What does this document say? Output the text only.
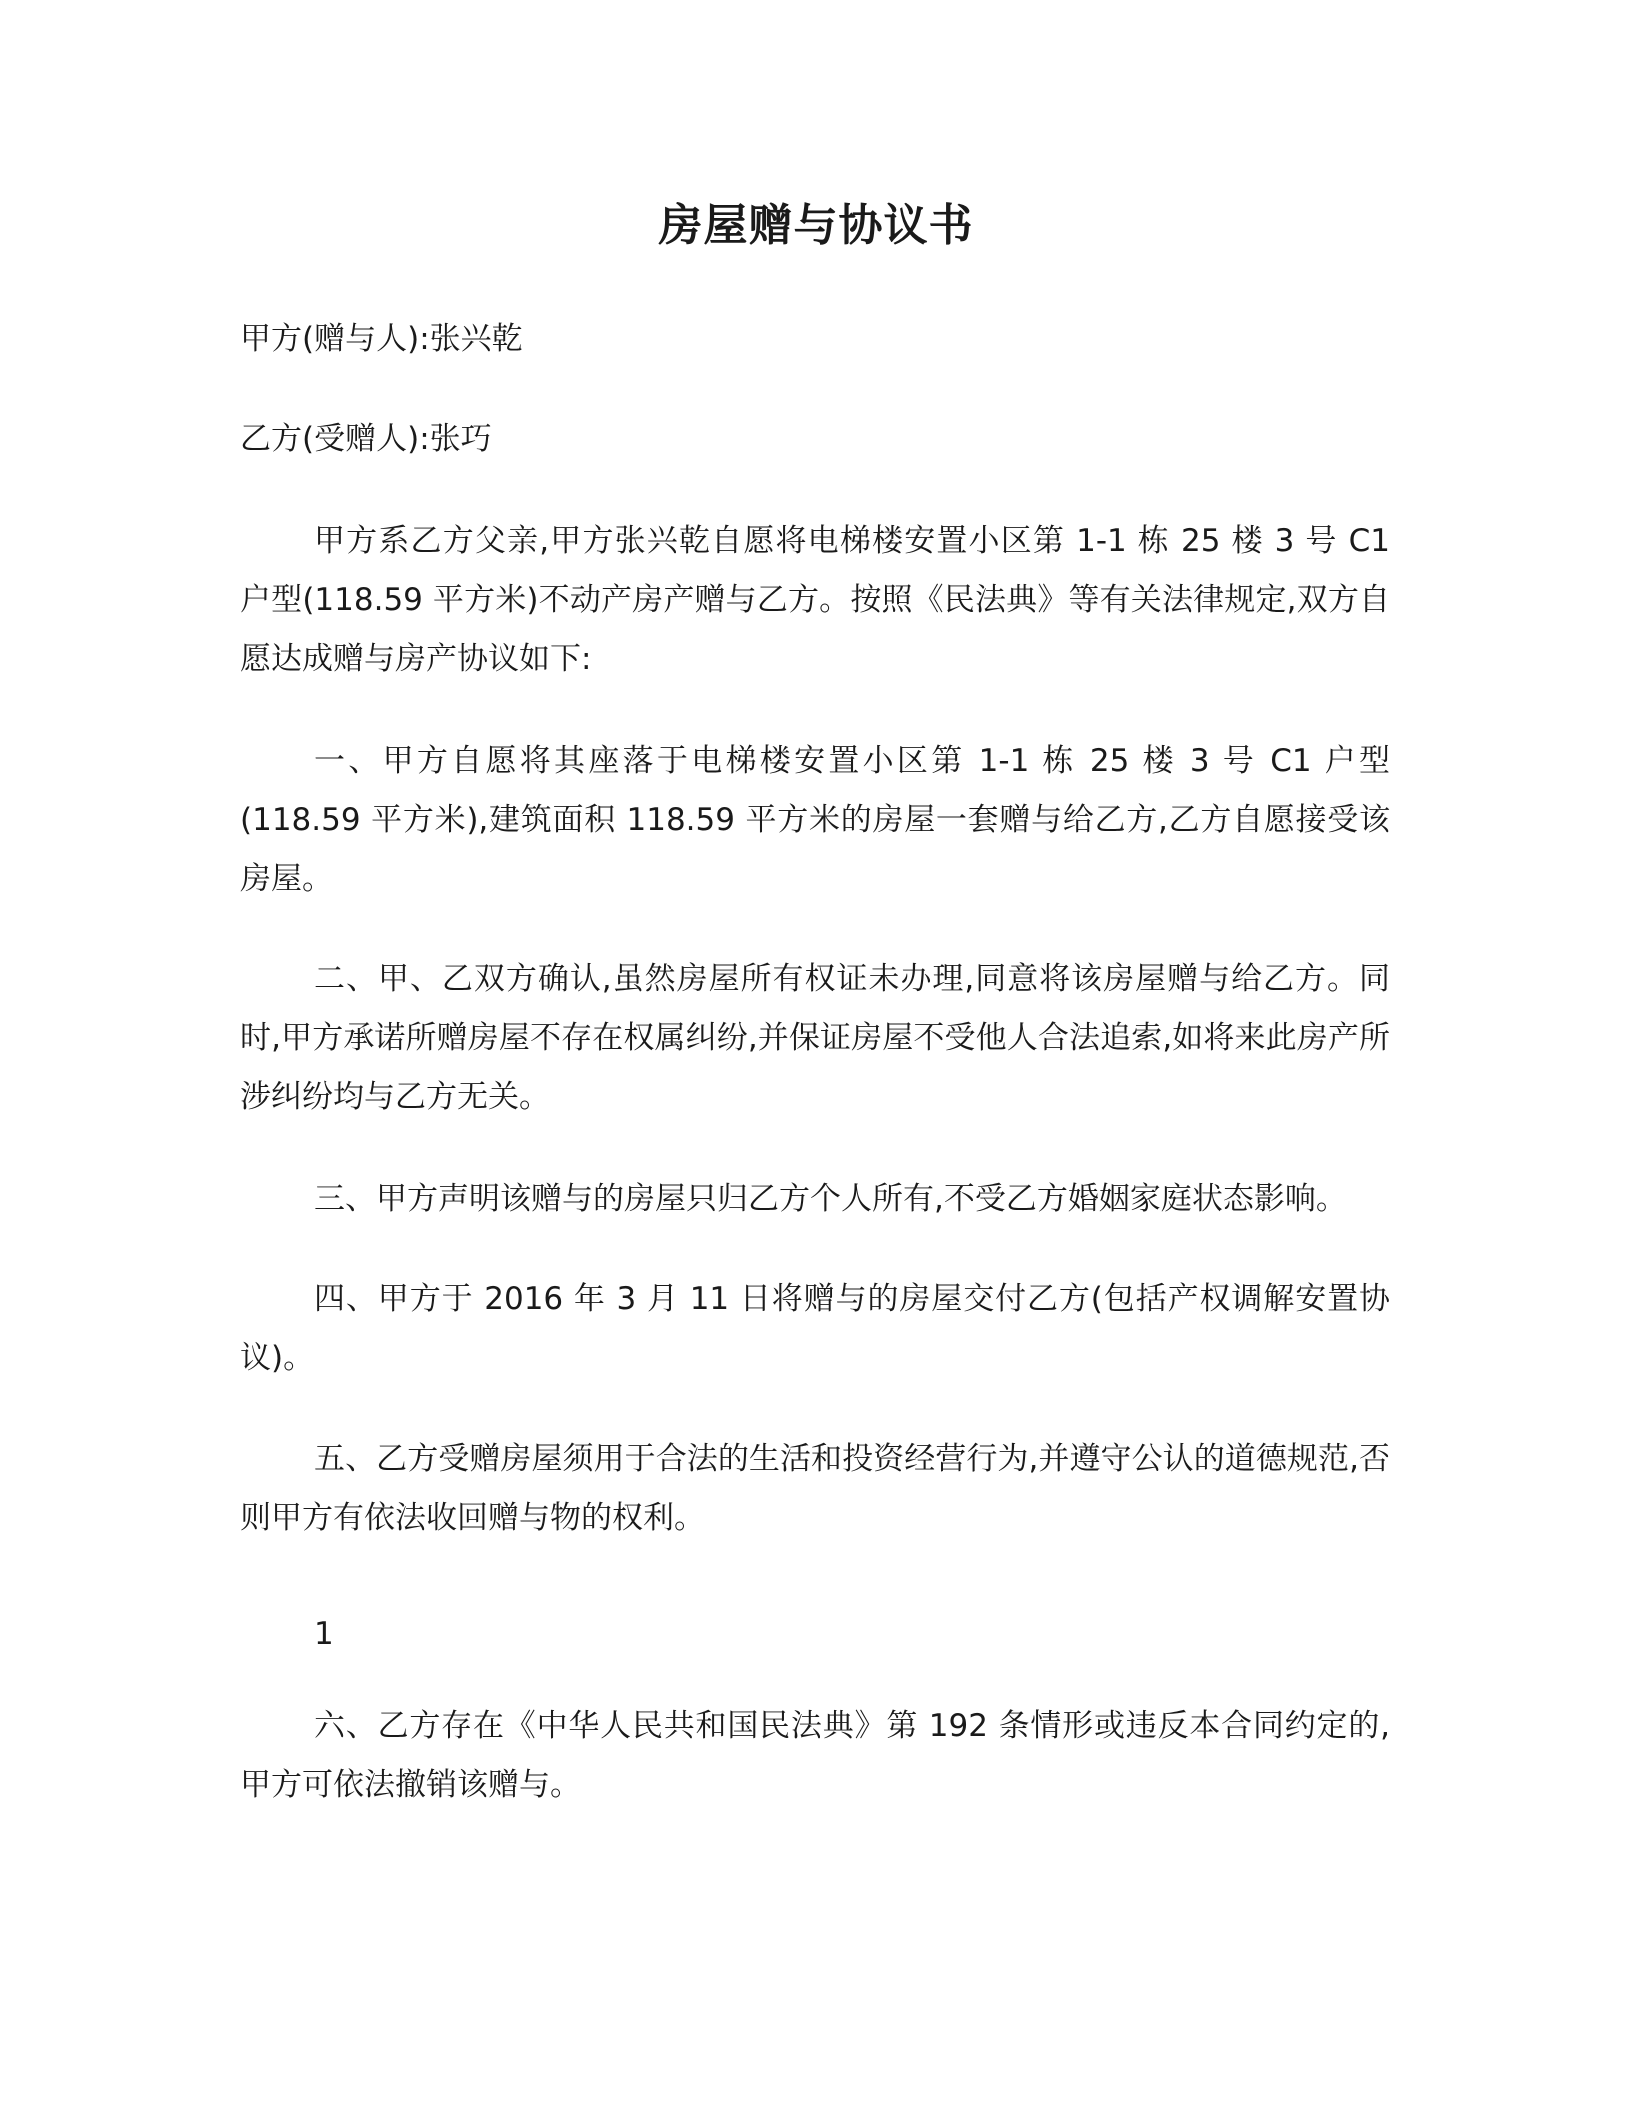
房屋赠与协议书
甲方(赠与人):张兴乾
乙方(受赠人):张巧
甲方系乙方父亲,甲方张兴乾自愿将电梯楼安置小区第 1-1 栋 25 楼 3 号 C1 户型(118.59 平方米)不动产房产赠与乙方。按照《民法典》等有关法律规定,双方自愿达成赠与房产协议如下:
一、甲方自愿将其座落于电梯楼安置小区第 1-1 栋 25 楼 3 号 C1 户型(118.59 平方米),建筑面积 118.59 平方米的房屋一套赠与给乙方,乙方自愿接受该房屋。
二、甲、乙双方确认,虽然房屋所有权证未办理,同意将该房屋赠与给乙方。同时,甲方承诺所赠房屋不存在权属纠纷,并保证房屋不受他人合法追索,如将来此房产所涉纠纷均与乙方无关。
三、甲方声明该赠与的房屋只归乙方个人所有,不受乙方婚姻家庭状态影响。
四、甲方于 2016 年 3 月 11 日将赠与的房屋交付乙方(包括产权调解安置协议)。
五、乙方受赠房屋须用于合法的生活和投资经营行为,并遵守公认的道德规范,否则甲方有依法收回赠与物的权利。
1
六、乙方存在《中华人民共和国民法典》第 192 条情形或违反本合同约定的,甲方可依法撤销该赠与。
